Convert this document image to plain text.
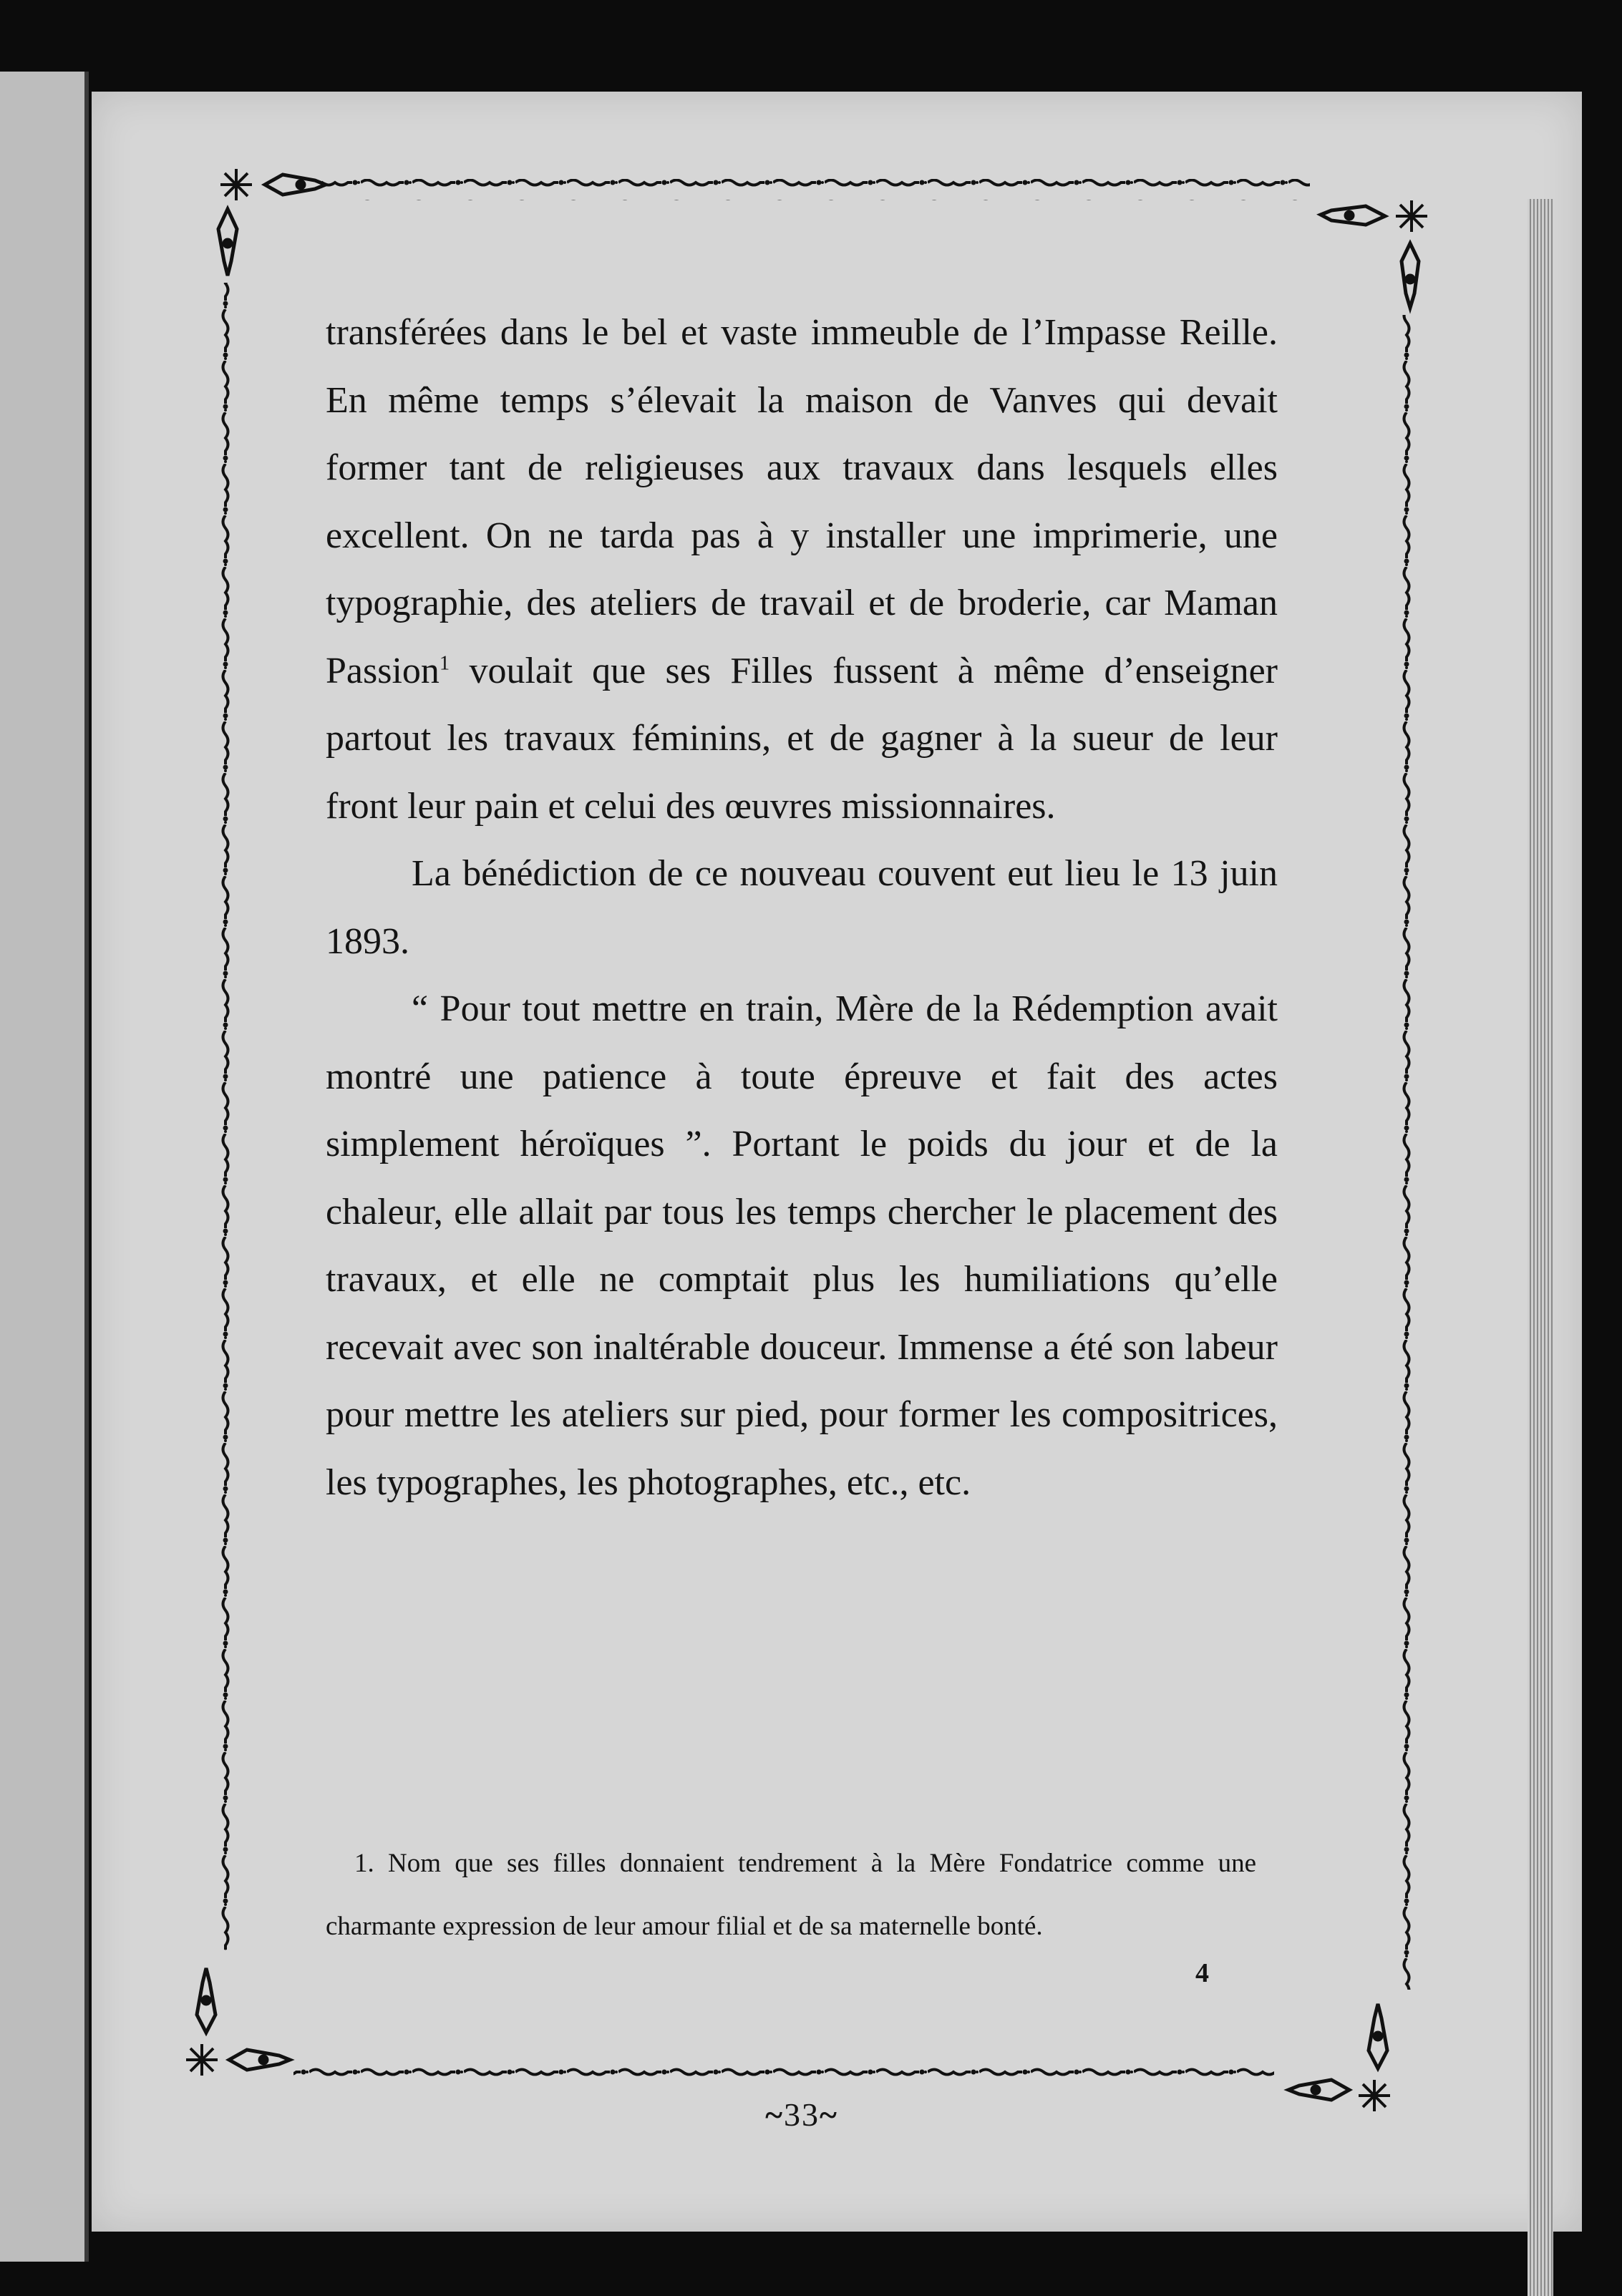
transférées dans le bel et vaste immeuble de l’Impasse Reille. En même temps s’élevait la maison de Vanves qui devait former tant de religieuses aux travaux dans lesquels elles excellent. On ne tarda pas à y installer une imprimerie, une typographie, des ateliers de travail et de broderie, car Maman Passion$^1$ voulait que ses Filles fussent à même d’enseigner partout les travaux féminins, et de gagner à la sueur de leur front leur pain et celui des œuvres missionnaires.

La bénédiction de ce nouveau couvent eut lieu le 13 juin 1893.

“ Pour tout mettre en train, Mère de la Rédemption avait montré une patience à toute épreuve et fait des actes simplement héroïques ”. Portant le poids du jour et de la chaleur, elle allait par tous les temps chercher le placement des travaux, et elle ne comptait plus les humiliations qu’elle recevait avec son inaltérable douceur. Immense a été son labeur pour mettre les ateliers sur pied, pour former les compositrices, les typographes, les photographes, etc., etc.

1. Nom que ses filles donnaient tendrement à la Mère Fondatrice comme une charmante expression de leur amour filial et de sa maternelle bonté.

4
~33~
